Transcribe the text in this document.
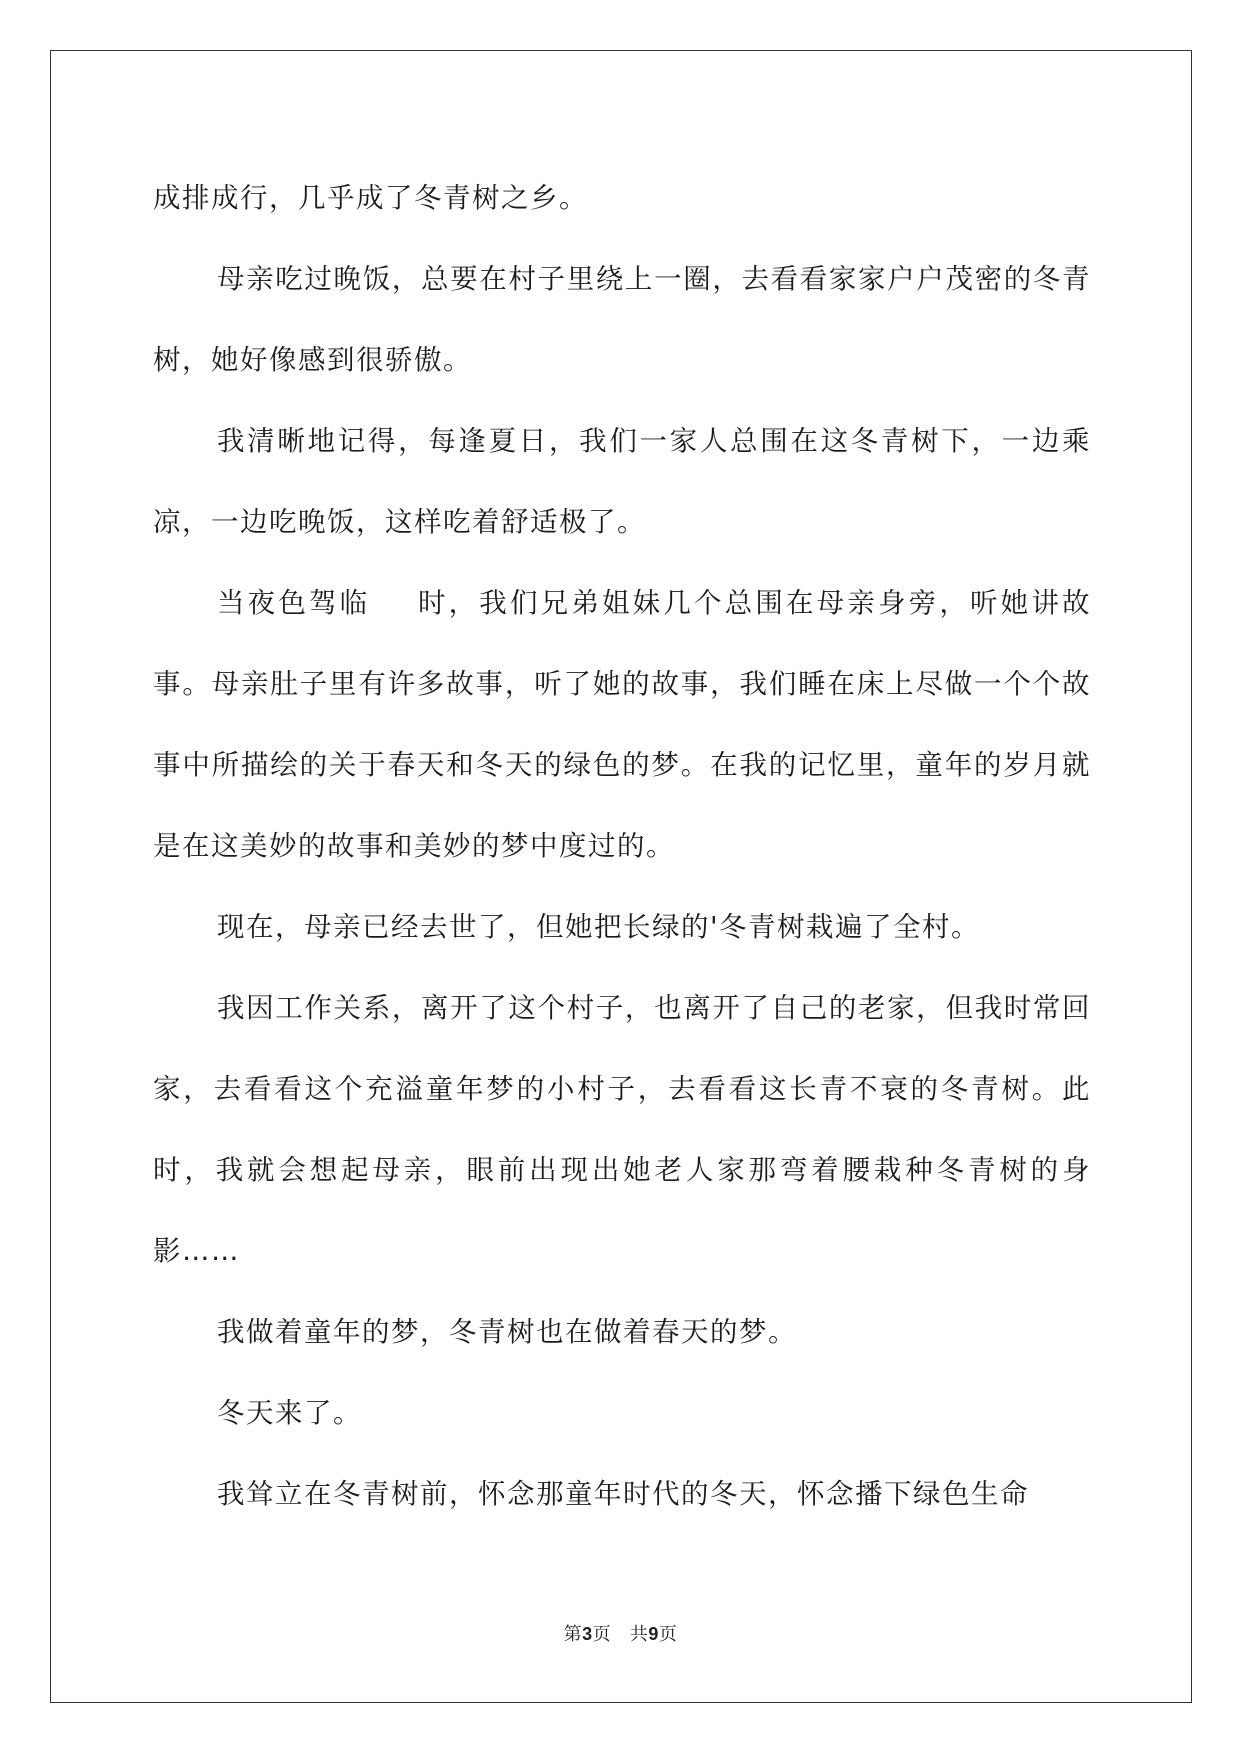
成排成行，几乎成了冬青树之乡。

母亲吃过晚饭，总要在村子里绕上一圈，去看看家家户户茂密的冬青树，她好像感到很骄傲。

我清晰地记得，每逢夏日，我们一家人总围在这冬青树下，一边乘凉，一边吃晚饭，这样吃着舒适极了。

当夜色驾临    时，我们兄弟姐妹几个总围在母亲身旁，听她讲故事。母亲肚子里有许多故事，听了她的故事，我们睡在床上尽做一个个故事中所描绘的关于春天和冬天的绿色的梦。在我的记忆里，童年的岁月就是在这美妙的故事和美妙的梦中度过的。

现在，母亲已经去世了，但她把长绿的'冬青树栽遍了全村。

我因工作关系，离开了这个村子，也离开了自己的老家，但我时常回家，去看看这个充溢童年梦的小村子，去看看这长青不衰的冬青树。此时，我就会想起母亲，眼前出现出她老人家那弯着腰栽种冬青树的身影……

我做着童年的梦，冬青树也在做着春天的梦。

冬天来了。

我耸立在冬青树前，怀念那童年时代的冬天，怀念播下绿色生命

第3页 共9页
